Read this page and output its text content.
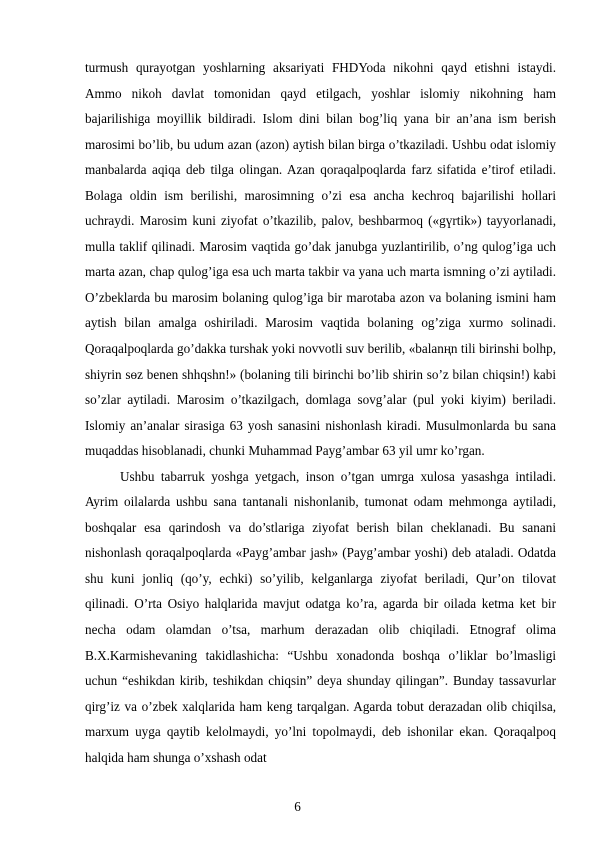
turmush qurayotgan yoshlarning aksariyati FHDYoda nikohni qayd etishni istaydi. Ammo nikoh davlat tomonidan qayd etilgach, yoshlar islomiy nikohning ham bajarilishiga moyillik bildiradi. Islom dini bilan bog’liq yana bir an’ana ism berish marosimi bo’lib, bu udum azan (azon) aytish bilan birga o’tkaziladi. Ushbu odat islomiy manbalarda aqiqa deb tilga olingan. Azan qoraqalpoqlarda farz sifatida e’tirof etiladi. Bolaga oldin ism berilishi, marosimning o’zi esa ancha kechroq bajarilishi hollari uchraydi. Marosim kuni ziyofat o’tkazilib, palov, beshbarmoq («gүrtik») tayyorlanadi, mulla taklif qilinadi. Marosim vaqtida go’dak janubga yuzlantirilib, o’ng qulog’iga uch marta azan, chap qulog’iga esa uch marta takbir va yana uch marta ismning o’zi aytiladi. O’zbeklarda bu marosim bolaning qulog’iga bir marotaba azon va bolaning ismini ham aytish bilan amalga oshiriladi. Marosim vaqtida bolaning og’ziga xurmo solinadi. Qoraqalpoqlarda go’dakka turshak yoki novvotli suv berilib, «balanңn tili birinshi bolhp, shiyrin sөz benen shhqshn!» (bolaning tili birinchi bo’lib shirin so’z bilan chiqsin!) kabi so’zlar aytiladi. Marosim o’tkazilgach, domlaga sovg’alar (pul yoki kiyim) beriladi. Islomiy an’analar sirasiga 63 yosh sanasini nishonlash kiradi. Musulmonlarda bu sana muqaddas hisoblanadi, chunki Muhammad Payg’ambar 63 yil umr ko’rgan.

Ushbu tabarruk yoshga yetgach, inson o’tgan umrga xulosa yasashga intiladi. Ayrim oilalarda ushbu sana tantanali nishonlanib, tumonat odam mehmonga aytiladi, boshqalar esa qarindosh va do’stlariga ziyofat berish bilan cheklanadi. Bu sanani nishonlash qoraqalpoqlarda «Payg’ambar jash» (Payg’ambar yoshi) deb ataladi. Odatda shu kuni jonliq (qo’y, echki) so’yilib, kelganlarga ziyofat beriladi, Qur’on tilovat qilinadi. O’rta Osiyo halqlarida mavjut odatga ko’ra, agarda bir oilada ketma ket bir necha odam olamdan o’tsa, marhum derazadan olib chiqiladi. Etnograf olima B.X.Karmishevaning takidlashicha: “Ushbu xonadonda boshqa o’liklar bo’lmasligi uchun “eshikdan kirib, teshikdan chiqsin” deya shunday qilingan”. Bunday tassavurlar qirg’iz va o’zbek xalqlarida ham keng tarqalgan. Agarda tobut derazadan olib chiqilsa, marxum uyga qaytib kelolmaydi, yo’lni topolmaydi, deb ishonilar ekan. Qoraqalpoq halqida ham shunga o’xshash odat

6
